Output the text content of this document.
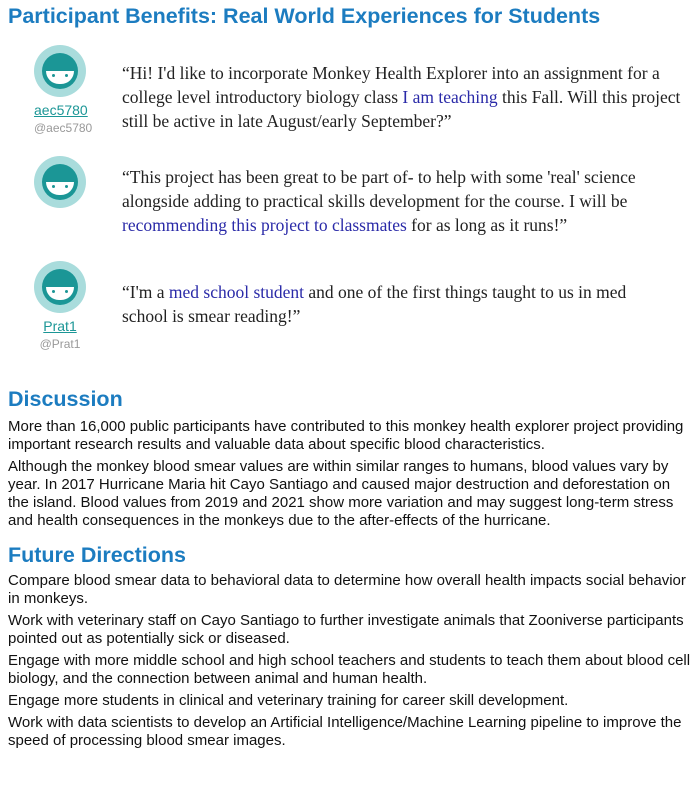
Participant Benefits: Real World Experiences for Students
aec5780
@aec5780
“Hi! I'd like to incorporate Monkey Health Explorer into an assignment for a college level introductory biology class I am teaching this Fall. Will this project still be active in late August/early September?”
“This project has been great to be part of- to help with some 'real' science alongside adding to practical skills development for the course. I will be recommending this project to classmates for as long as it runs!”
Prat1
@Prat1
“I'm a med school student and one of the first things taught to us in med school is smear reading!”
Discussion

More than 16,000 public participants have contributed to this monkey health explorer project providing important research results and valuable data about specific blood characteristics.

Although the monkey blood smear values are within similar ranges to humans, blood values vary by year. In 2017 Hurricane Maria hit Cayo Santiago and caused major destruction and deforestation on the island. Blood values from 2019 and 2021 show more variation and may suggest long-term stress and health consequences in the monkeys due to the after-effects of the hurricane.

Future Directions

Compare blood smear data to behavioral data to determine how overall health impacts social behavior in monkeys.

Work with veterinary staff on Cayo Santiago to further investigate animals that Zooniverse participants pointed out as potentially sick or diseased.

Engage with more middle school and high school teachers and students to teach them about blood cell biology, and the connection between animal and human health.

Engage more students in clinical and veterinary training for career skill development.

Work with data scientists to develop an Artificial Intelligence/Machine Learning pipeline to improve the speed of processing blood smear images.
